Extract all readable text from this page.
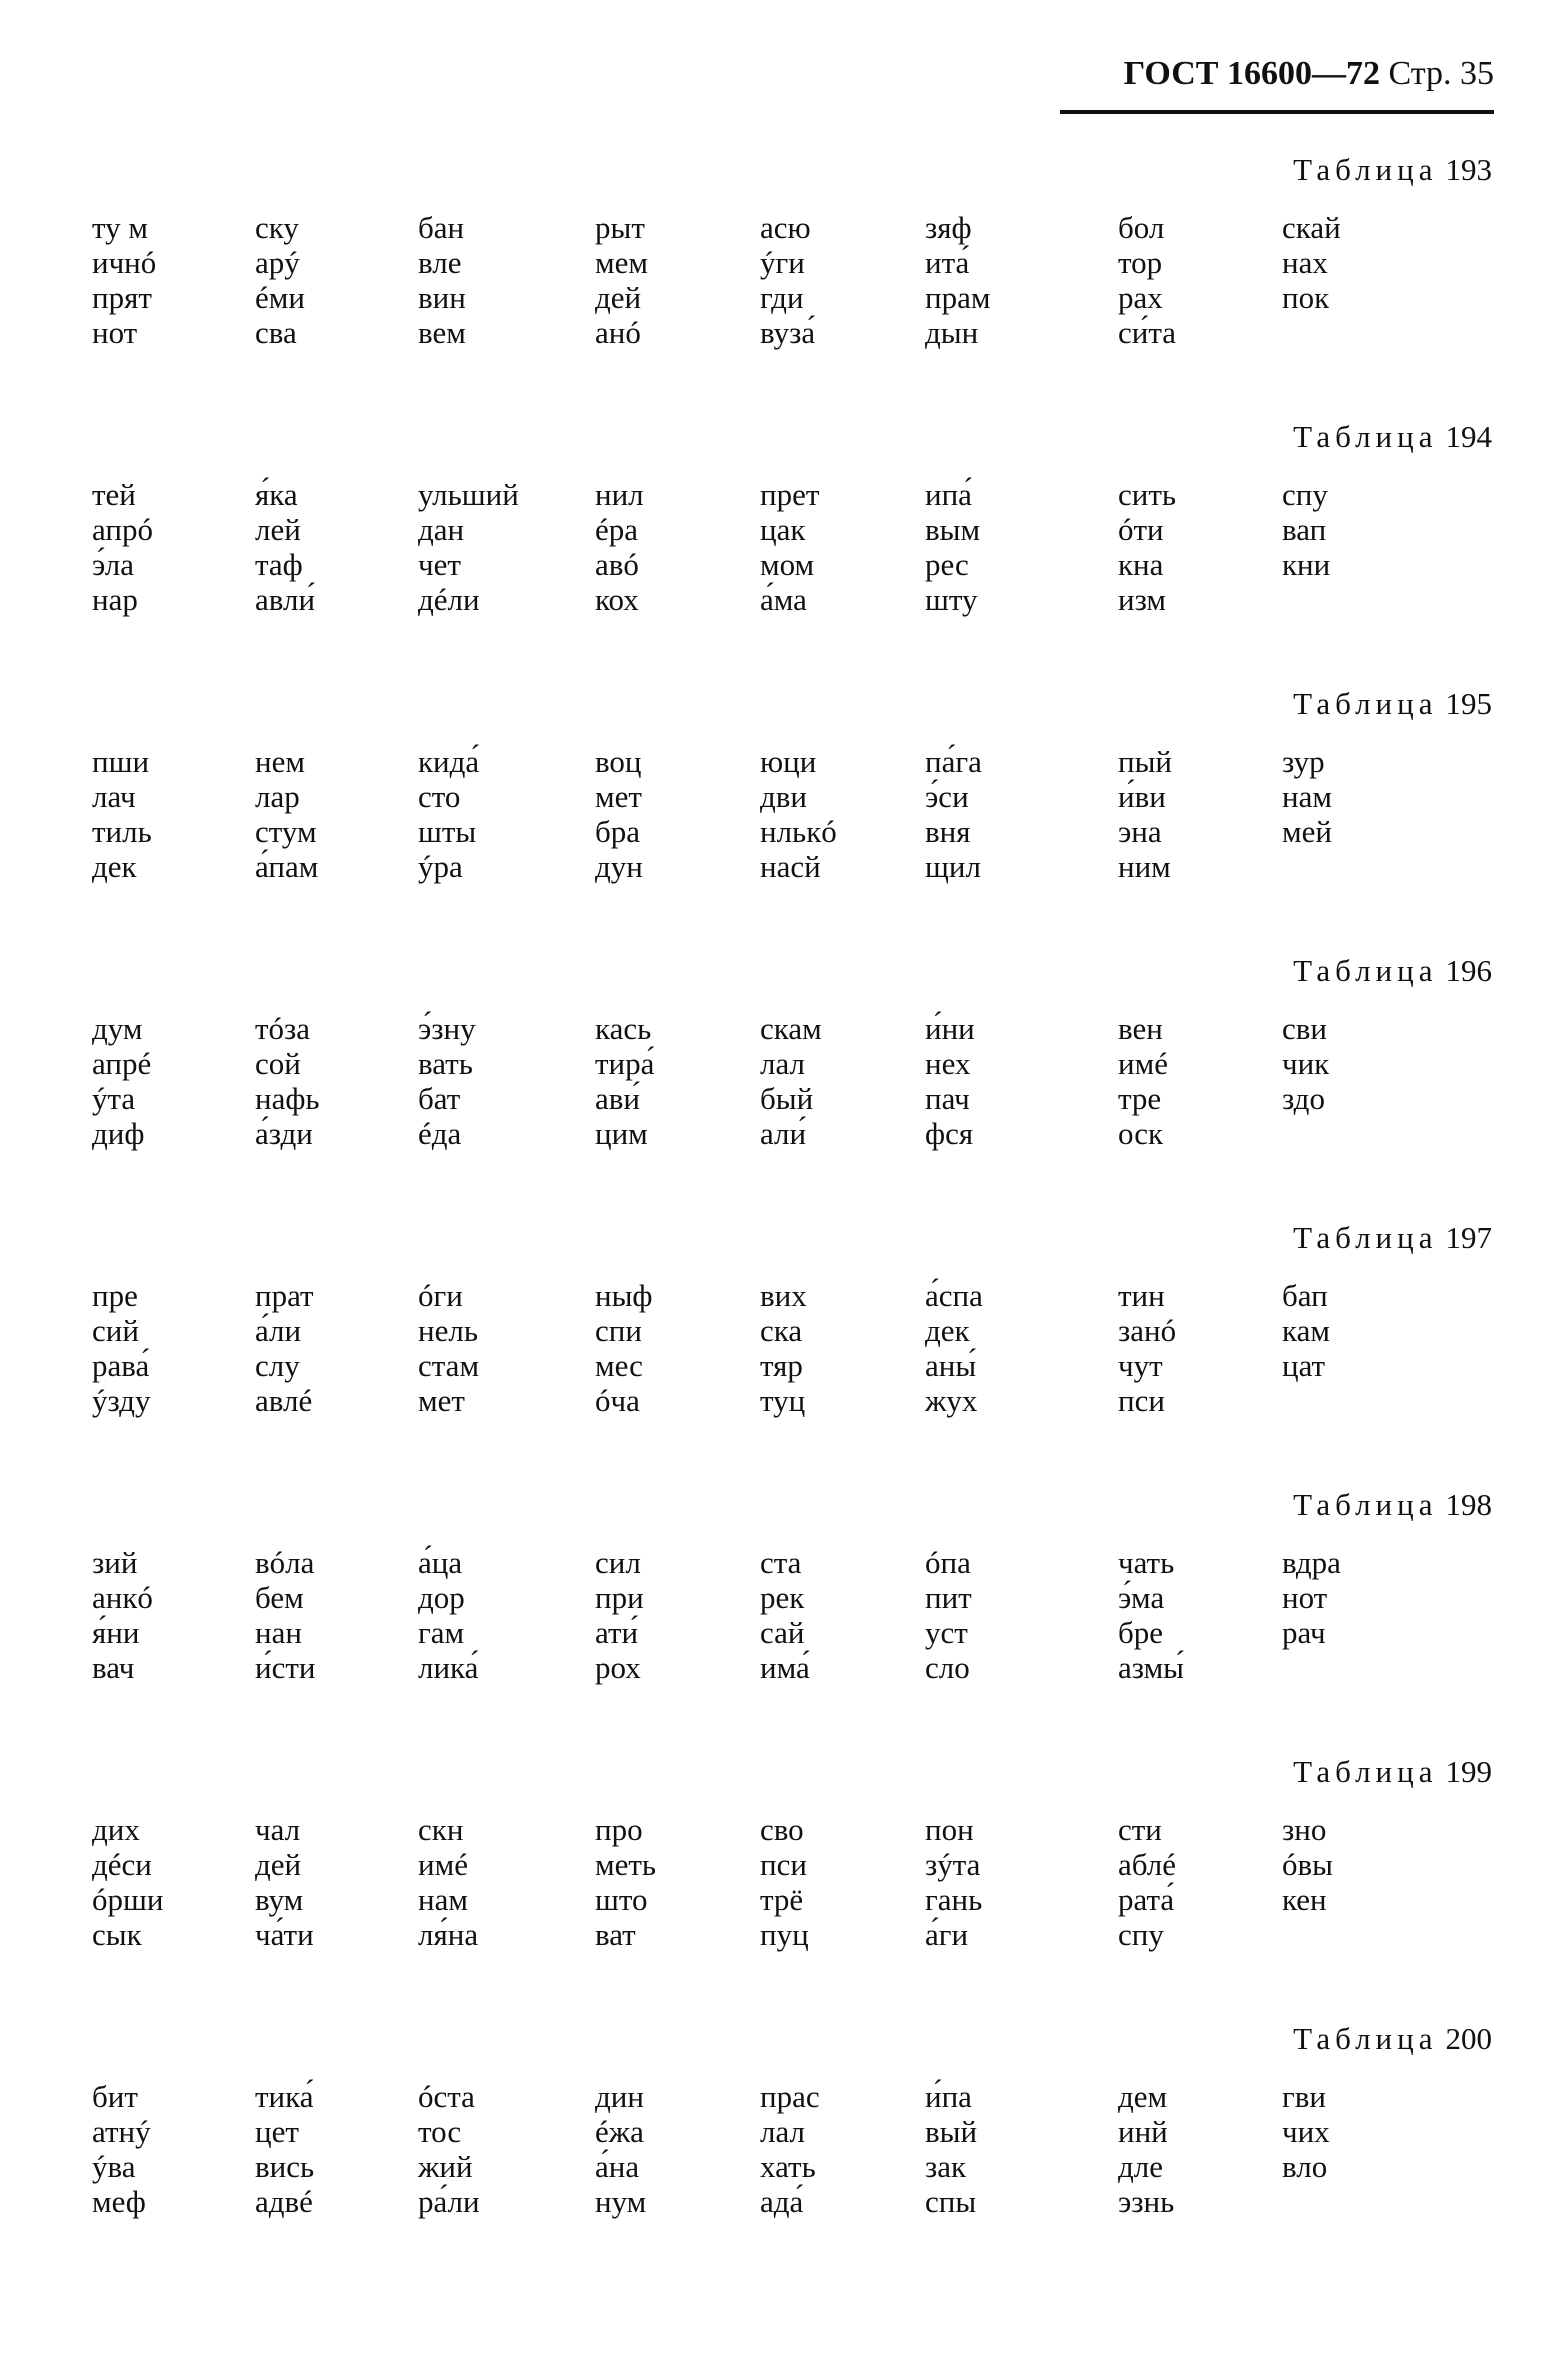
ГОСТ 16600—72 Стр. 35
Таблица 193
ту м
ичнó
прят
нот
ску
арý
éми
сва
бан
вле
вин
вем
рыт
мем
дей
анó
асю
ýги
гди
вуза́
зяф
ита́
прам
дын
бол
тор
рах
си́та
скай
нах
пок
Таблица 194
тей
апрó
э́ла
нар
я́ка
лей
таф
авли́
ульший
дан
чет
дéли
нил
éра
авó
кох
прет
цак
мом
а́ма
ипа́
вым
рес
шту
сить
óти
кна
изм
спу
вап
кни
Таблица 195
пши
лач
тиль
дек
нем
лар
стум
а́пам
кида́
сто
шты
ýра
воц
мет
бра
дун
юци
дви
нлькó
насй
па́га
э́си
вня
щил
пый
и́ви
эна
ним
зур
нам
мей
Таблица 196
дум
апрé
ýта
диф
тóза
сой
нафь
а́зди
э́зну
вать
бат
éда
кась
тира́
ави́
цим
скам
лал
бый
али́
и́ни
нех
пач
фся
вен
имé
тре
оск
сви
чик
здо
Таблица 197
пре
сий
рава́
ýзду
прат
а́ли
слу
авлé
óги
нель
стам
мет
ныф
спи
мес
óча
вих
ска
тяр
туц
а́спа
дек
аны́
жух
тин
занó
чут
пси
бап
кам
цат
Таблица 198
зий
анкó
я́ни
вач
вóла
бем
нан
и́сти
а́ца
дор
гам
лика́
сил
при
ати́
рох
ста
рек
сай
има́
óпа
пит
уст
сло
чать
э́ма
бре
азмы́
вдра
нот
рач
Таблица 199
дих
дéси
óрши
сык
чал
дей
вум
ча́ти
скн
имé
нам
ля́на
про
меть
што
ват
сво
пси
трё
пуц
пон
зýта
гань
а́ги
сти
аблé
рата́
спу
зно
óвы
кен
Таблица 200
бит
атнý
ýва
меф
тика́
цет
вись
адвé
óста
тос
жий
ра́ли
дин
éжа
а́на
нум
прас
лал
хать
ада́
и́па
вый
зак
спы
дем
инй
дле
эзнь
гви
чих
вло
